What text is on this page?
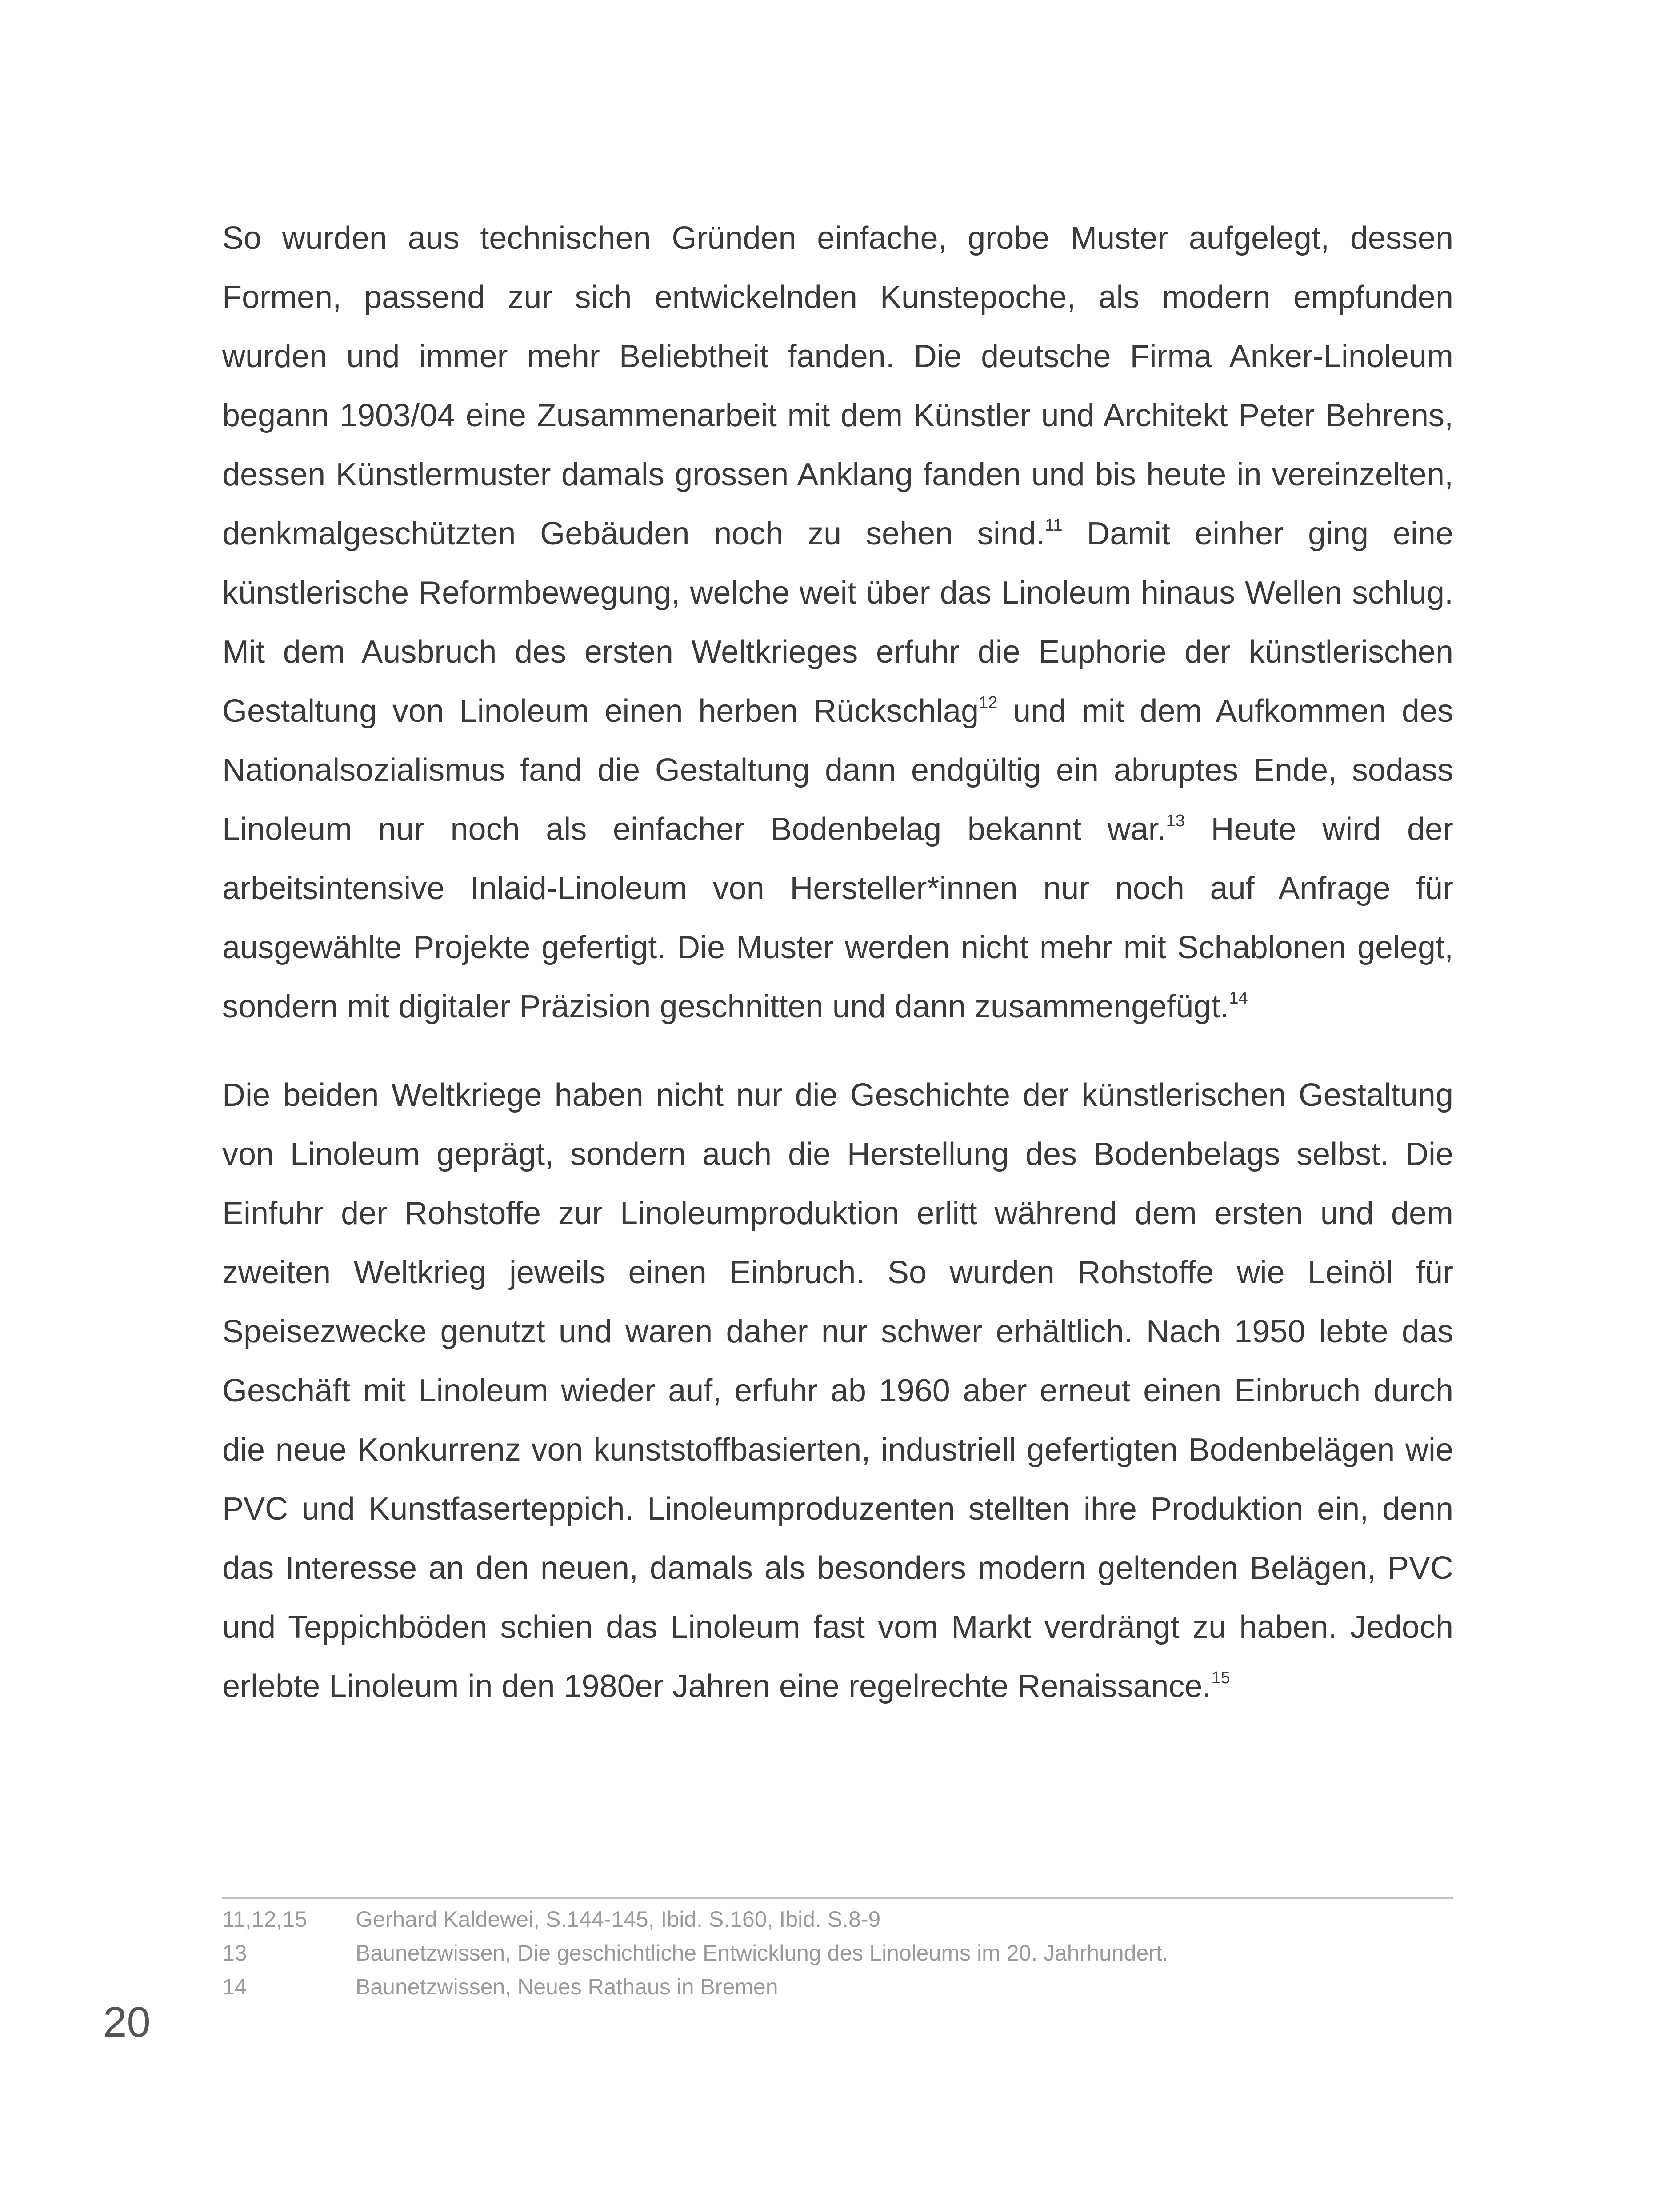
So wurden aus technischen Gründen einfache, grobe Muster aufgelegt, dessen Formen, passend zur sich entwickelnden Kunstepoche, als modern empfunden wurden und immer mehr Beliebtheit fanden. Die deutsche Firma Anker-Linoleum begann 1903/04 eine Zusammenarbeit mit dem Künstler und Architekt Peter Behrens, dessen Künstlermuster damals grossen Anklang fanden und bis heute in vereinzelten, denkmalgeschützten Gebäuden noch zu sehen sind.$^{11}$ Damit einher ging eine künstlerische Reformbewegung, welche weit über das Linoleum hinaus Wellen schlug. Mit dem Ausbruch des ersten Weltkrieges erfuhr die Euphorie der künstlerischen Gestaltung von Linoleum einen herben Rückschlag$^{12}$ und mit dem Aufkommen des Nationalsozialismus fand die Gestaltung dann endgültig ein abruptes Ende, sodass Linoleum nur noch als einfacher Bodenbelag bekannt war.$^{13}$ Heute wird der arbeitsintensive Inlaid-Linoleum von Hersteller*innen nur noch auf Anfrage für ausgewählte Projekte gefertigt. Die Muster werden nicht mehr mit Schablonen gelegt, sondern mit digitaler Präzision geschnitten und dann zusammengefügt.$^{14}$

Die beiden Weltkriege haben nicht nur die Geschichte der künstlerischen Gestaltung von Linoleum geprägt, sondern auch die Herstellung des Bodenbelags selbst. Die Einfuhr der Rohstoffe zur Linoleumproduktion erlitt während dem ersten und dem zweiten Weltkrieg jeweils einen Einbruch. So wurden Rohstoffe wie Leinöl für Speisezwecke genutzt und waren daher nur schwer erhältlich. Nach 1950 lebte das Geschäft mit Linoleum wieder auf, erfuhr ab 1960 aber erneut einen Einbruch durch die neue Konkurrenz von kunststoffbasierten, industriell gefertigten Bodenbelägen wie PVC und Kunstfaserteppich. Linoleumproduzenten stellten ihre Produktion ein, denn das Interesse an den neuen, damals als besonders modern geltenden Belägen, PVC und Teppichböden schien das Linoleum fast vom Markt verdrängt zu haben. Jedoch erlebte Linoleum in den 1980er Jahren eine regelrechte Renaissance.$^{15}$

11,12,15	Gerhard Kaldewei, S.144-145, Ibid. S.160, Ibid. S.8-9
13	Baunetzwissen, Die geschichtliche Entwicklung des Linoleums im 20. Jahrhundert.
14	Baunetzwissen, Neues Rathaus in Bremen
20
